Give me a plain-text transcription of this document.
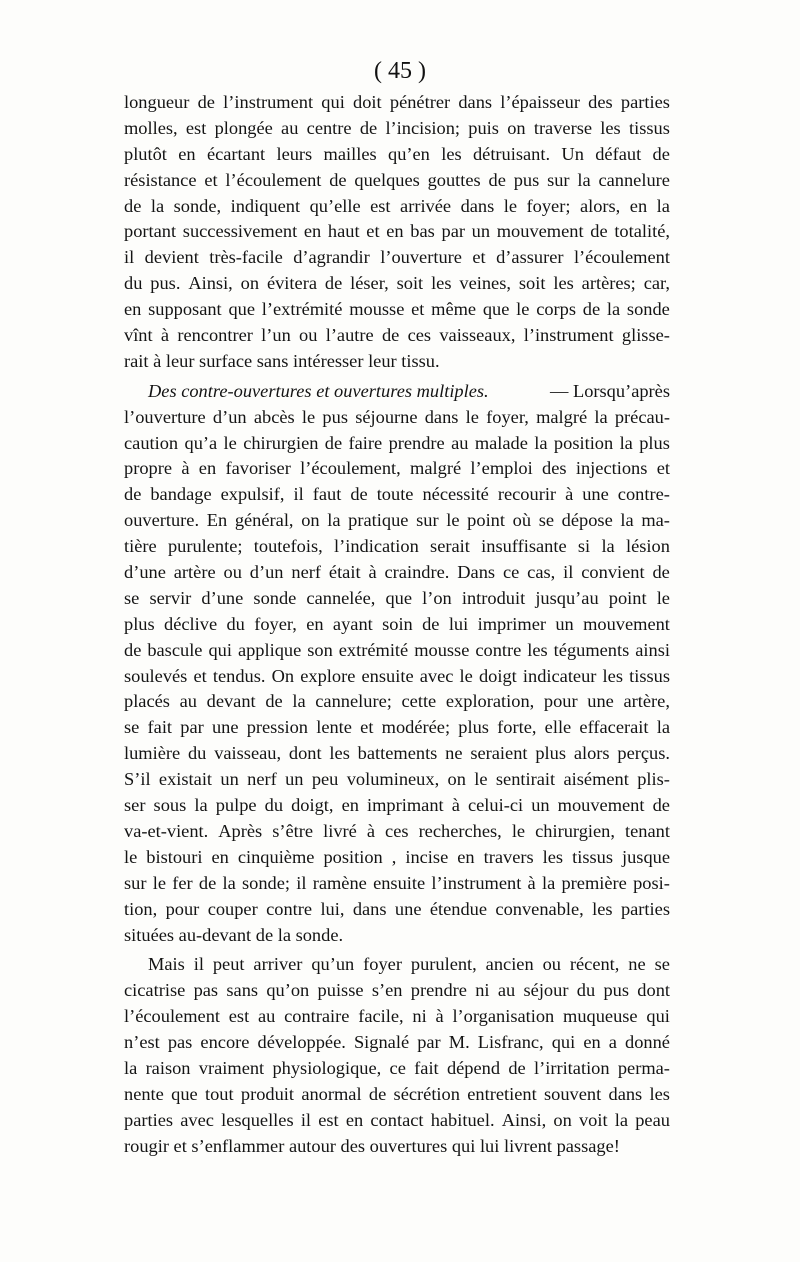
( 45 )
longueur de l’instrument qui doit pénétrer dans l’épaisseur des parties
molles, est plongée au centre de l’incision; puis on traverse les tissus
plutôt en écartant leurs mailles qu’en les détruisant. Un défaut de
résistance et l’écoulement de quelques gouttes de pus sur la cannelure
de la sonde, indiquent qu’elle est arrivée dans le foyer; alors, en la
portant successivement en haut et en bas par un mouvement de totalité,
il devient très-facile d’agrandir l’ouverture et d’assurer l’écoulement
du pus. Ainsi, on évitera de léser, soit les veines, soit les artères; car,
en supposant que l’extrémité mousse et même que le corps de la sonde
vînt à rencontrer l’un ou l’autre de ces vaisseaux, l’instrument glisse-
rait à leur surface sans intéresser leur tissu.
Des contre-ouvertures et ouvertures multiples.	— Lorsqu’après
l’ouverture d’un abcès le pus séjourne dans le foyer, malgré la précau-
caution qu’a le chirurgien de faire prendre au malade la position la plus
propre à en favoriser l’écoulement, malgré l’emploi des injections et
de bandage expulsif, il faut de toute nécessité recourir à une contre-
ouverture. En général, on la pratique sur le point où se dépose la ma-
tière purulente; toutefois, l’indication serait insuffisante si la lésion
d’une artère ou d’un nerf était à craindre. Dans ce cas, il convient de
se servir d’une sonde cannelée, que l’on introduit jusqu’au point le
plus déclive du foyer, en ayant soin de lui imprimer un mouvement
de bascule qui applique son extrémité mousse contre les téguments ainsi
soulevés et tendus. On explore ensuite avec le doigt indicateur les tissus
placés au devant de la cannelure; cette exploration, pour une artère,
se fait par une pression lente et modérée; plus forte, elle effacerait la
lumière du vaisseau, dont les battements ne seraient plus alors perçus.
S’il existait un nerf un peu volumineux, on le sentirait aisément plis-
ser sous la pulpe du doigt, en imprimant à celui-ci un mouvement de
va-et-vient. Après s’être livré à ces recherches, le chirurgien, tenant
le bistouri en cinquième position , incise en travers les tissus jusque
sur le fer de la sonde; il ramène ensuite l’instrument à la première posi-
tion, pour couper contre lui, dans une étendue convenable, les parties
situées au-devant de la sonde.
Mais il peut arriver qu’un foyer purulent, ancien ou récent, ne se
cicatrise pas sans qu’on puisse s’en prendre ni au séjour du pus dont
l’écoulement est au contraire facile, ni à l’organisation muqueuse qui
n’est pas encore développée. Signalé par M. Lisfranc, qui en a donné
la raison vraiment physiologique, ce fait dépend de l’irritation perma-
nente que tout produit anormal de sécrétion entretient souvent dans les
parties avec lesquelles il est en contact habituel. Ainsi, on voit la peau
rougir et s’enflammer autour des ouvertures qui lui livrent passage!
